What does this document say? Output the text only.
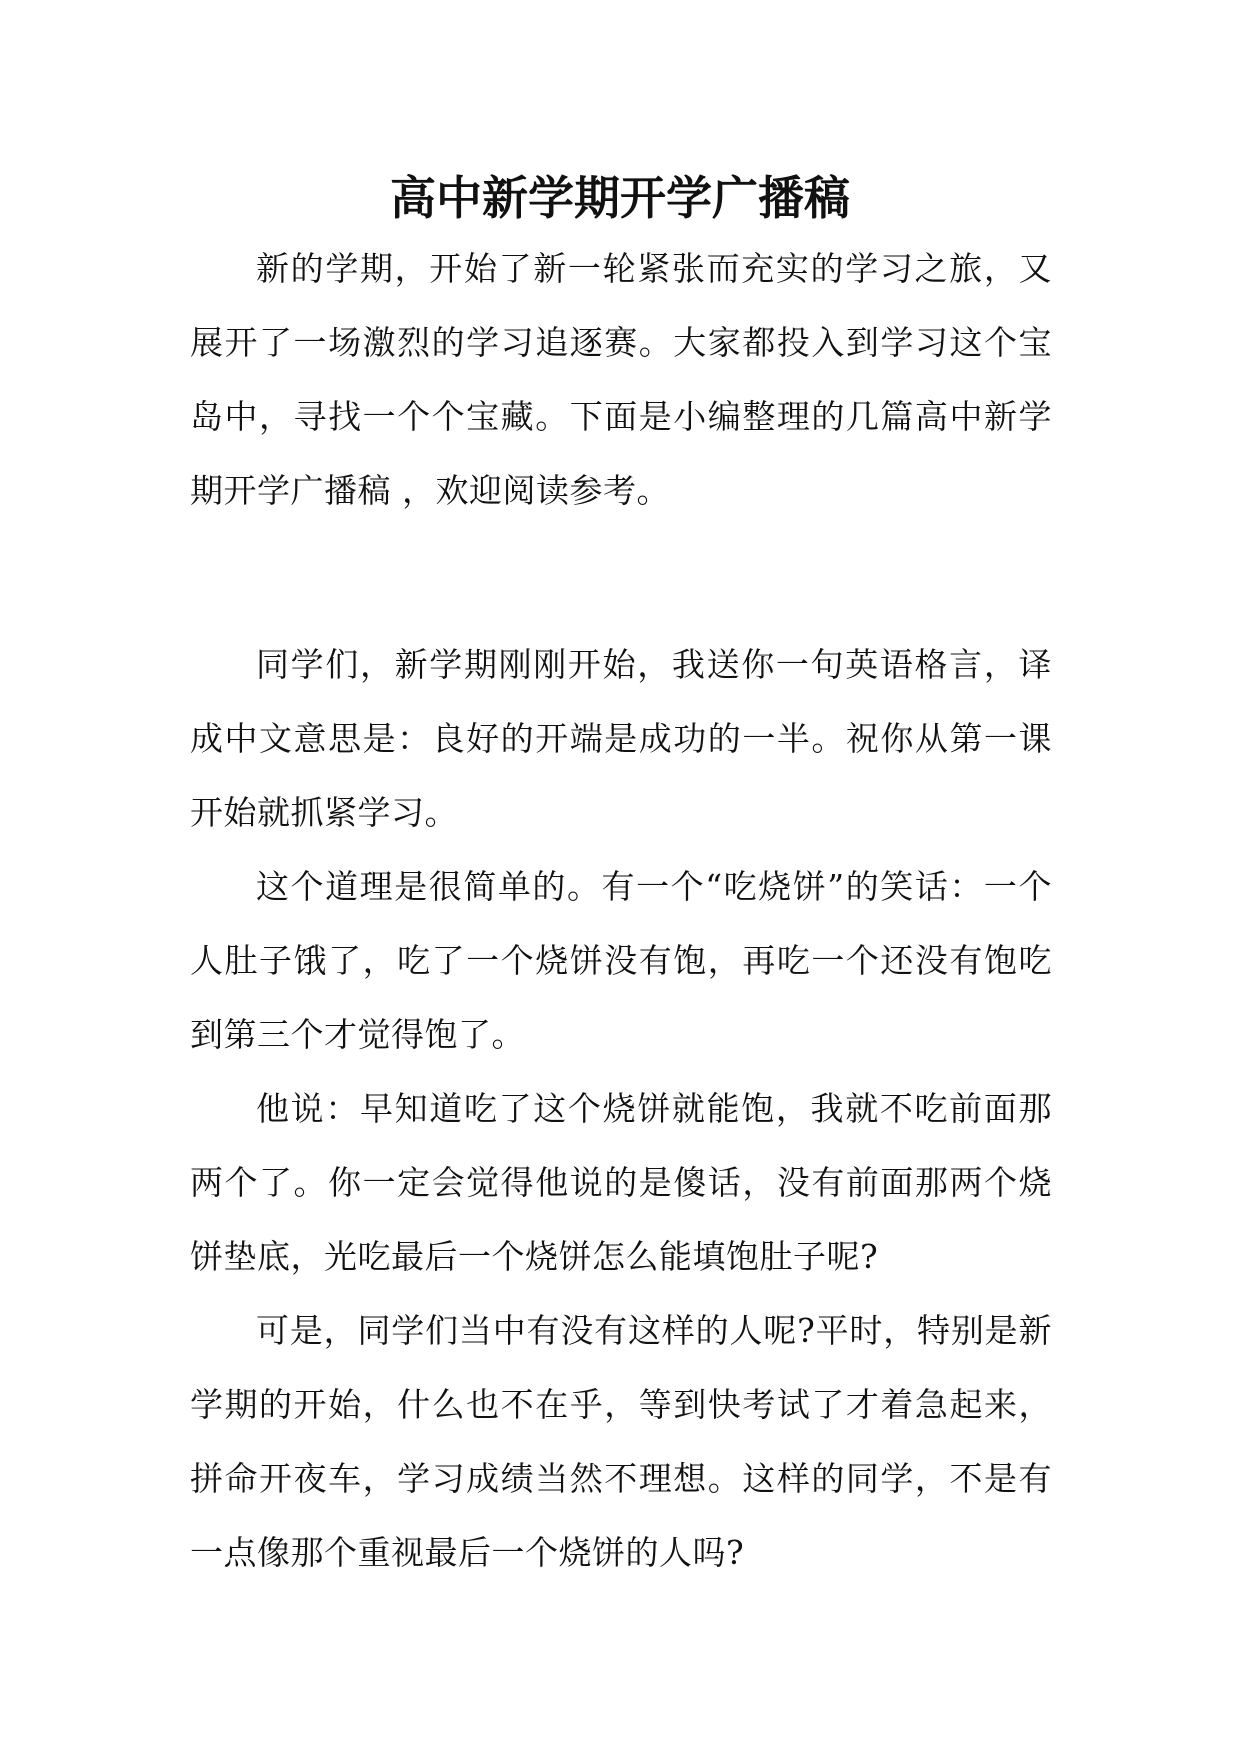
高中新学期开学广播稿

新的学期，开始了新一轮紧张而充实的学习之旅，又展开了一场激烈的学习追逐赛。大家都投入到学习这个宝岛中，寻找一个个宝藏。下面是小编整理的几篇高中新学期开学广播稿 ，欢迎阅读参考。

同学们，新学期刚刚开始，我送你一句英语格言，译成中文意思是：良好的开端是成功的一半。祝你从第一课开始就抓紧学习。

这个道理是很简单的。有一个“吃烧饼”的笑话：一个人肚子饿了，吃了一个烧饼没有饱，再吃一个还没有饱吃到第三个才觉得饱了。

他说：早知道吃了这个烧饼就能饱，我就不吃前面那两个了。你一定会觉得他说的是傻话，没有前面那两个烧饼垫底，光吃最后一个烧饼怎么能填饱肚子呢?

可是，同学们当中有没有这样的人呢?平时，特别是新学期的开始，什么也不在乎，等到快考试了才着急起来，拼命开夜车，学习成绩当然不理想。这样的同学，不是有一点像那个重视最后一个烧饼的人吗?
